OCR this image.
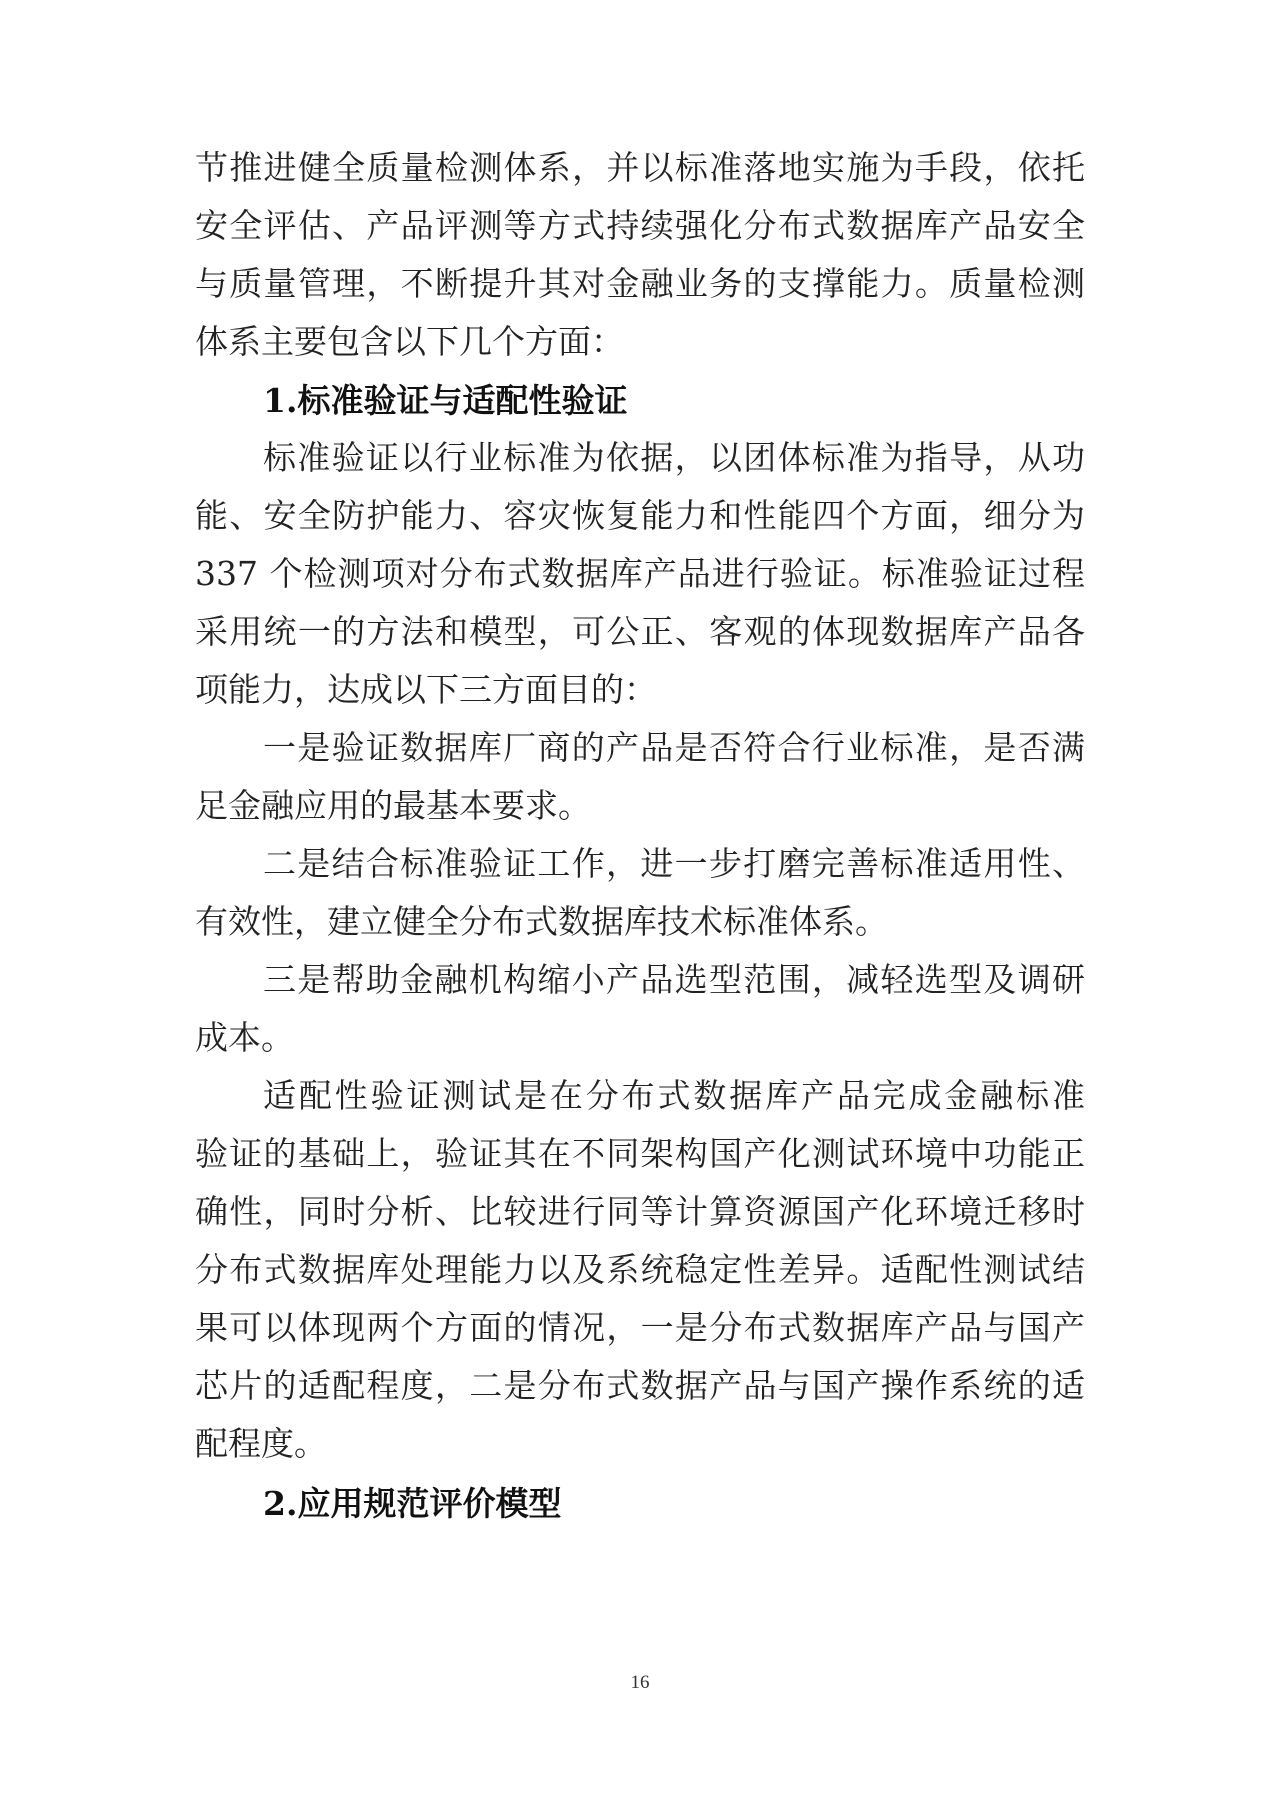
节推进健全质量检测体系，并以标准落地实施为手段，依托
安全评估、产品评测等方式持续强化分布式数据库产品安全
与质量管理，不断提升其对金融业务的支撑能力。质量检测
体系主要包含以下几个方面：
1.标准验证与适配性验证
标准验证以行业标准为依据，以团体标准为指导，从功
能、安全防护能力、容灾恢复能力和性能四个方面，细分为
337 个检测项对分布式数据库产品进行验证。标准验证过程
采用统一的方法和模型，可公正、客观的体现数据库产品各
项能力，达成以下三方面目的：
一是验证数据库厂商的产品是否符合行业标准，是否满
足金融应用的最基本要求。
二是结合标准验证工作，进一步打磨完善标准适用性、
有效性，建立健全分布式数据库技术标准体系。
三是帮助金融机构缩小产品选型范围，减轻选型及调研
成本。
适配性验证测试是在分布式数据库产品完成金融标准
验证的基础上，验证其在不同架构国产化测试环境中功能正
确性，同时分析、比较进行同等计算资源国产化环境迁移时
分布式数据库处理能力以及系统稳定性差异。适配性测试结
果可以体现两个方面的情况，一是分布式数据库产品与国产
芯片的适配程度，二是分布式数据产品与国产操作系统的适
配程度。
2.应用规范评价模型
16
